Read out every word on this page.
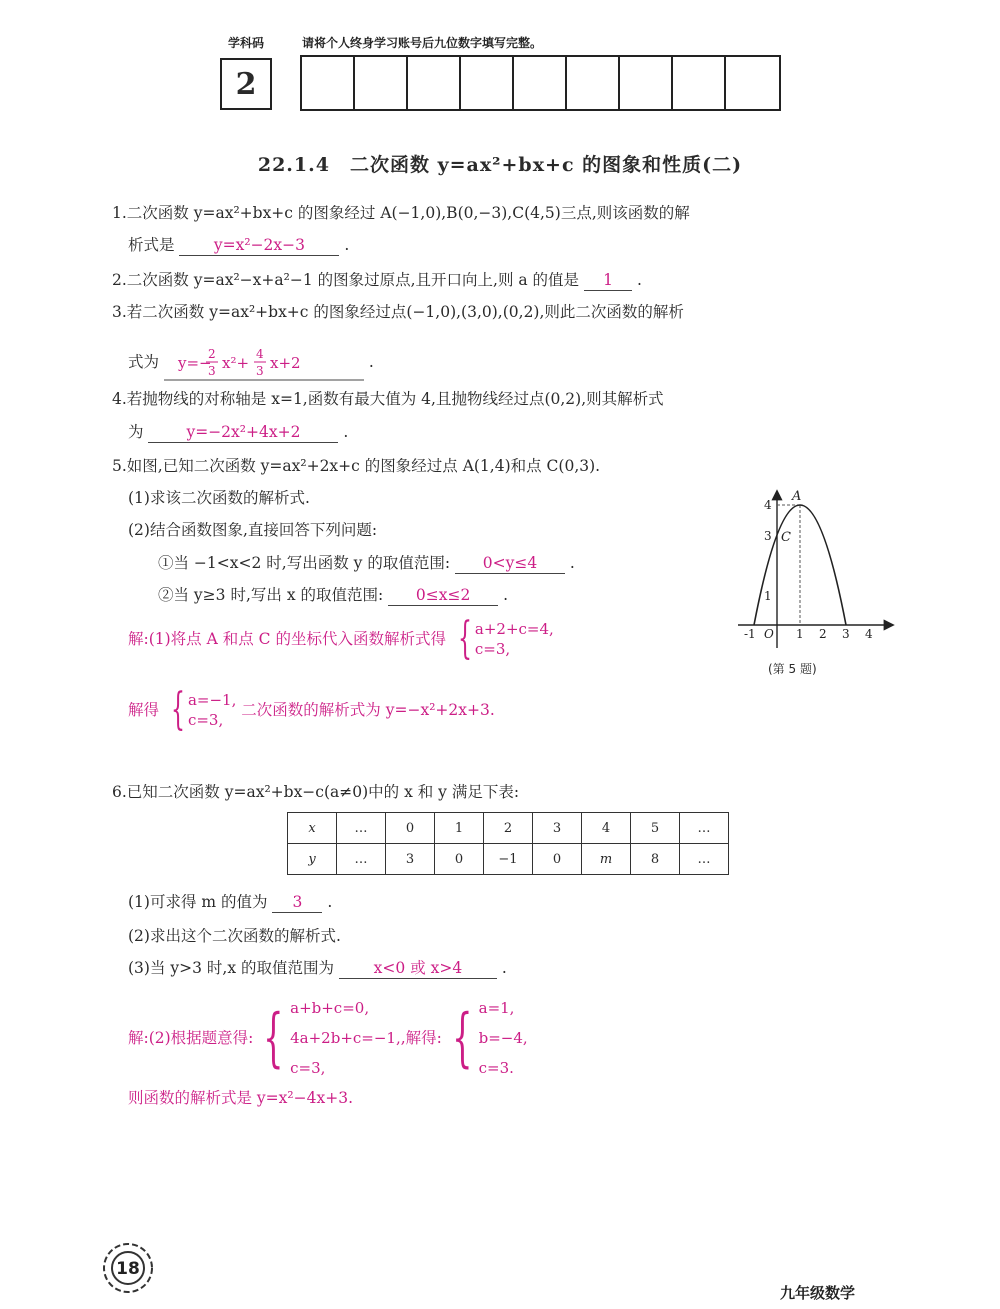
学科码	请将个人终身学习账号后九位数字填写完整。
2
22.1.4　二次函数 y=ax²+bx+c 的图象和性质(二)
1.二次函数 y=ax²+bx+c 的图象经过 A(−1,0),B(0,−3),C(4,5)三点,则该函数的解
析式是	y=x²−2x−3	.
2.二次函数 y=ax²−x+a²−1 的图象过原点,且开口向上,则 a 的值是 1 .
3.若二次函数 y=ax²+bx+c 的图象经过点(−1,0),(3,0),(0,2),则此二次函数的解析
式为 y=−
2
3 x²+ 4
3 x+2	.
4.若抛物线的对称轴是 x=1,函数有最大值为 4,且抛物线经过点(0,2),则其解析式
为	y=−2x²+4x+2	.
5.如图,已知二次函数 y=ax²+2x+c 的图象经过点 A(1,4)和点 C(0,3).
(1)求该二次函数的解析式.
(2)结合函数图象,直接回答下列问题:
①当 −1<x<2 时,写出函数 y 的取值范围: 0<y≤4 .
②当 y≥3 时,写出 x 的取值范围: 0≤x≤2 .
解:(1)将点 A 和点 C 的坐标代入函数解析式得 { a+2+c=4,
c=3,
解得 { a=−1,
c=3,
二次函数的解析式为 y=−x²+2x+3.
4
3
1
A
C
-1 O 1 2 3 4
(第 5 题)
6.已知二次函数 y=ax²+bx−c(a≠0)中的 x 和 y 满足下表:
x	…	0	1	2	3	4	5	…
y	…	3	0	−1	0	m	8	…
(1)可求得 m 的值为 3 .
(2)求出这个二次函数的解析式.
(3)当 y>3 时,x 的取值范围为	x<0 或 x>4	.
解:(2)根据题意得: { a+b+c=0,
4a+2b+c=−1,
c=3,
,解得: { a=1,
b=−4,
c=3.
则函数的解析式是 y=x²−4x+3.
18
九年级数学
